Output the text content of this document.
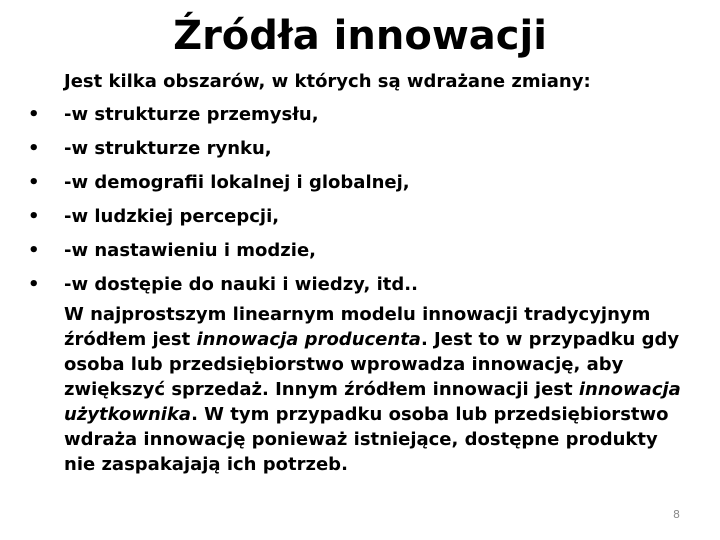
Źródła innowacji
Jest kilka obszarów, w których są wdrażane zmiany:
• -w strukturze przemysłu,
• -w strukturze rynku,
• -w demografii lokalnej i globalnej,
• -w ludzkiej percepcji,
• -w nastawieniu i modzie,
• -w dostępie do nauki i wiedzy, itd..
W najprostszym linearnym modelu innowacji tradycyjnym źródłem jest innowacja producenta. Jest to w przypadku gdy osoba lub przedsiębiorstwo wprowadza innowację, aby zwiększyć sprzedaż. Innym źródłem innowacji jest innowacja użytkownika. W tym przypadku osoba lub przedsiębiorstwo wdraża innowację ponieważ istniejące, dostępne produkty nie zaspakajają ich potrzeb.
8
